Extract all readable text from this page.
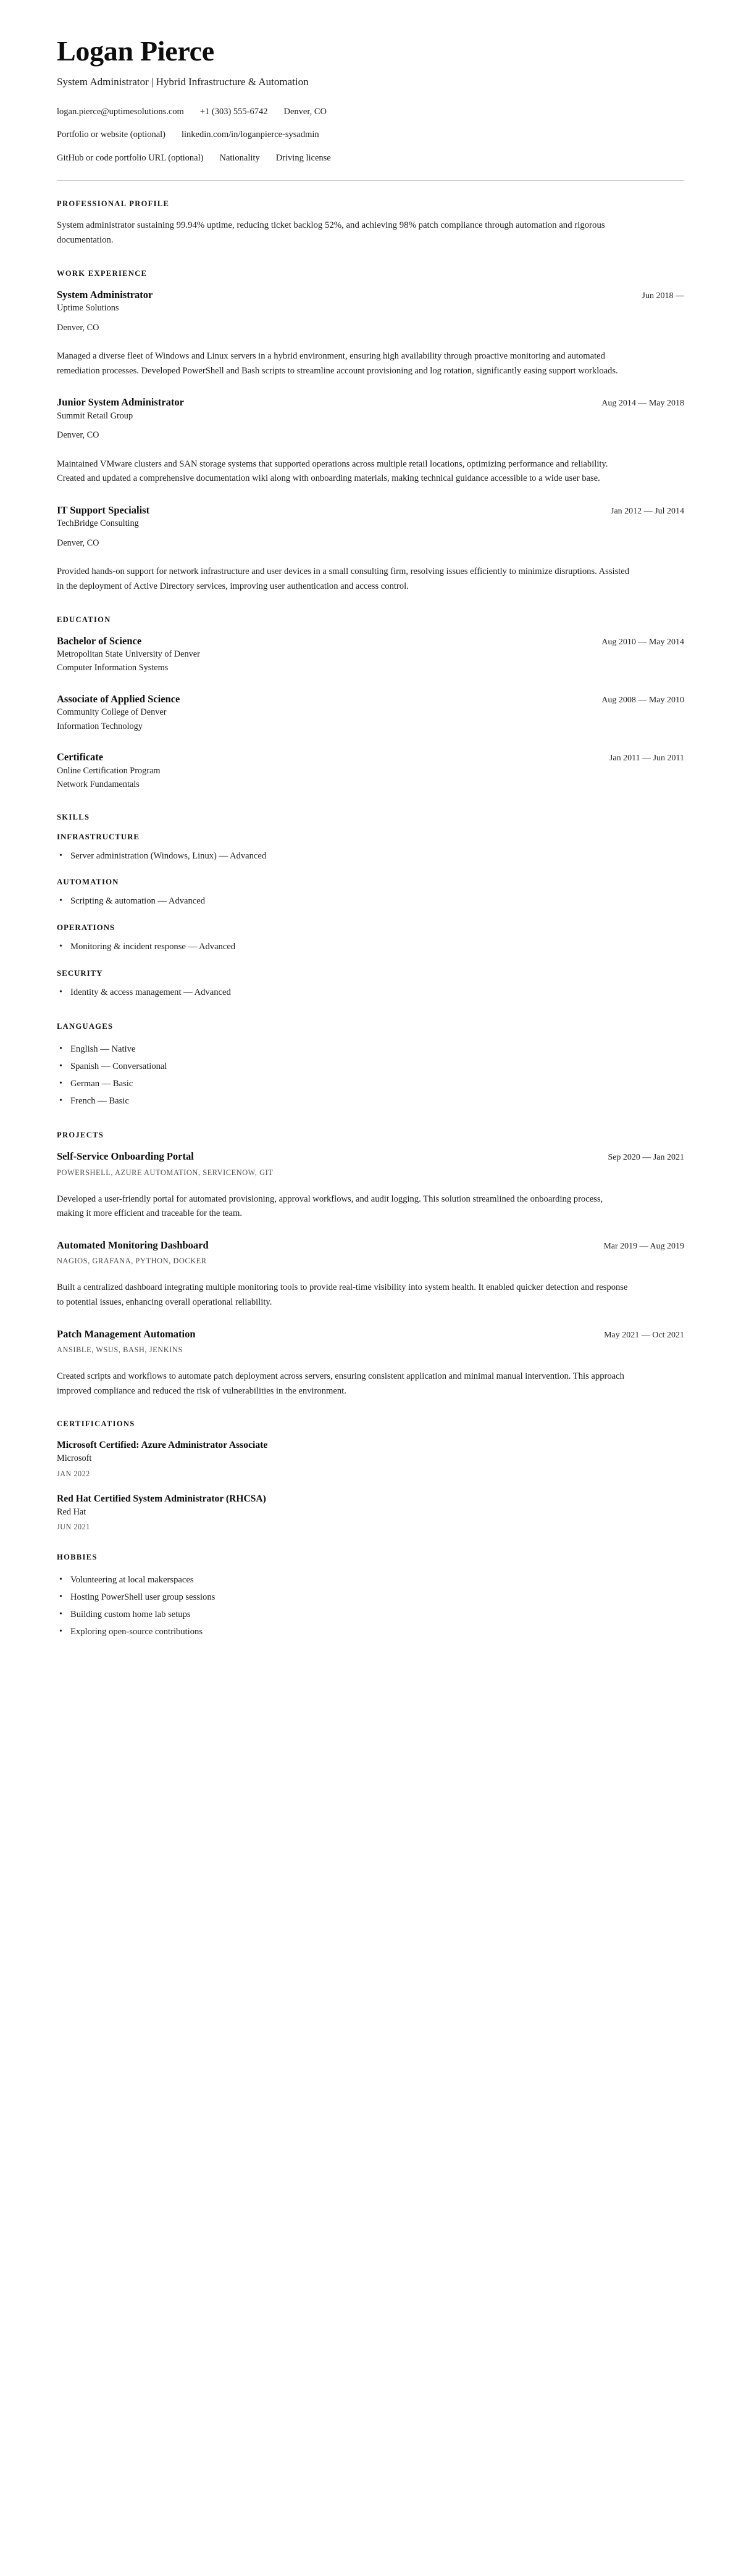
Logan Pierce
System Administrator | Hybrid Infrastructure & Automation
logan.pierce@uptimesolutions.com +1 (303) 555-6742 Denver, CO
Portfolio or website (optional) linkedin.com/in/loganpierce-sysadmin
GitHub or code portfolio URL (optional) Nationality Driving license
PROFESSIONAL PROFILE

System administrator sustaining 99.94% uptime, reducing ticket backlog 52%, and achieving 98% patch compliance through automation and rigorous documentation.

WORK EXPERIENCE
System Administrator	Jun 2018 —
Uptime Solutions
Denver, CO
Managed a diverse fleet of Windows and Linux servers in a hybrid environment, ensuring high availability through proactive monitoring and automated remediation processes. Developed PowerShell and Bash scripts to streamline account provisioning and log rotation, significantly easing support workloads.
Junior System Administrator	Aug 2014 — May 2018
Summit Retail Group
Denver, CO
Maintained VMware clusters and SAN storage systems that supported operations across multiple retail locations, optimizing performance and reliability. Created and updated a comprehensive documentation wiki along with onboarding materials, making technical guidance accessible to a wide user base.
IT Support Specialist	Jan 2012 — Jul 2014
TechBridge Consulting
Denver, CO
Provided hands-on support for network infrastructure and user devices in a small consulting firm, resolving issues efficiently to minimize disruptions. Assisted in the deployment of Active Directory services, improving user authentication and access control.
EDUCATION
Bachelor of Science	Aug 2010 — May 2014
Metropolitan State University of Denver
Computer Information Systems
Associate of Applied Science	Aug 2008 — May 2010
Community College of Denver
Information Technology
Certificate	Jan 2011 — Jun 2011
Online Certification Program
Network Fundamentals
SKILLS
INFRASTRUCTURE
• Server administration (Windows, Linux) — Advanced
AUTOMATION
• Scripting & automation — Advanced
OPERATIONS
• Monitoring & incident response — Advanced
SECURITY
• Identity & access management — Advanced
LANGUAGES
• English — Native
• Spanish — Conversational
• German — Basic
• French — Basic
PROJECTS
Self-Service Onboarding Portal	Sep 2020 — Jan 2021
POWERSHELL, AZURE AUTOMATION, SERVICENOW, GIT
Developed a user-friendly portal for automated provisioning, approval workflows, and audit logging. This solution streamlined the onboarding process, making it more efficient and traceable for the team.
Automated Monitoring Dashboard	Mar 2019 — Aug 2019
NAGIOS, GRAFANA, PYTHON, DOCKER
Built a centralized dashboard integrating multiple monitoring tools to provide real-time visibility into system health. It enabled quicker detection and response to potential issues, enhancing overall operational reliability.
Patch Management Automation	May 2021 — Oct 2021
ANSIBLE, WSUS, BASH, JENKINS
Created scripts and workflows to automate patch deployment across servers, ensuring consistent application and minimal manual intervention. This approach improved compliance and reduced the risk of vulnerabilities in the environment.
CERTIFICATIONS
Microsoft Certified: Azure Administrator Associate
Microsoft
JAN 2022
Red Hat Certified System Administrator (RHCSA)
Red Hat
JUN 2021
HOBBIES
• Volunteering at local makerspaces
• Hosting PowerShell user group sessions
• Building custom home lab setups
• Exploring open-source contributions
